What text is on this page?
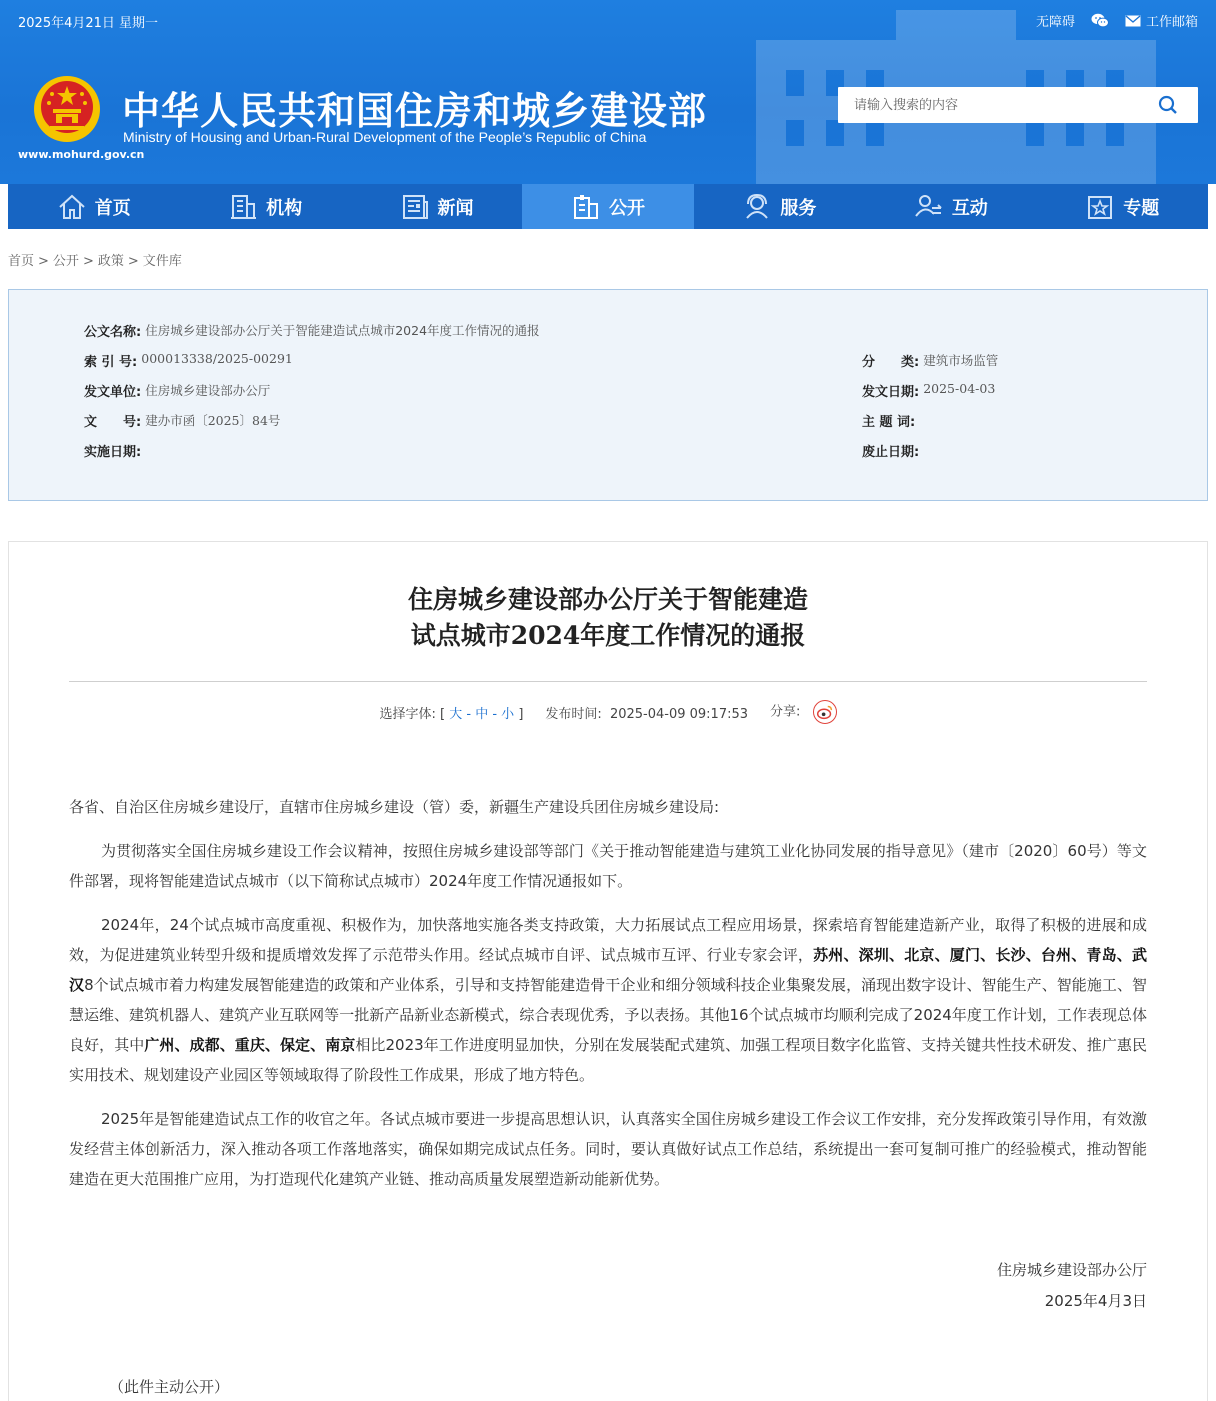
2025年4月21日 星期一	无障碍	工作邮箱
www.mohurd.gov.cn
中华人民共和国住房和城乡建设部
Ministry of Housing and Urban-Rural Development of the People’s Republic of China
请输入搜索的内容
首页	机构	新闻	公开	服务	互动	专题
首页 > 公开 > 政策 > 文件库
公文名称: 住房城乡建设部办公厅关于智能建造试点城市2024年度工作情况的通报
索 引 号: 000013338/2025-00291	分　　类: 建筑市场监管
发文单位: 住房城乡建设部办公厅	发文日期: 2025-04-03
文　　号: 建办市函〔2025〕84号	主 题 词:
实施日期:	废止日期:
住房城乡建设部办公厅关于智能建造
试点城市2024年度工作情况的通报
选择字体: [ 大 - 中 - 小 ] 发布时间: 2025-04-09 09:17:53 分享:

各省、自治区住房城乡建设厅，直辖市住房城乡建设（管）委，新疆生产建设兵团住房城乡建设局:

为贯彻落实全国住房城乡建设工作会议精神，按照住房城乡建设部等部门《关于推动智能建造与建筑工业化协同发展的指导意见》（建市〔2020〕60号）等文件部署，现将智能建造试点城市（以下简称试点城市）2024年度工作情况通报如下。

2024年，24个试点城市高度重视、积极作为，加快落地实施各类支持政策，大力拓展试点工程应用场景，探索培育智能建造新产业，取得了积极的进展和成效，为促进建筑业转型升级和提质增效发挥了示范带头作用。经试点城市自评、试点城市互评、行业专家会评，苏州、深圳、北京、厦门、长沙、台州、青岛、武汉8个试点城市着力构建发展智能建造的政策和产业体系，引导和支持智能建造骨干企业和细分领域科技企业集聚发展，涌现出数字设计、智能生产、智能施工、智慧运维、建筑机器人、建筑产业互联网等一批新产品新业态新模式，综合表现优秀，予以表扬。其他16个试点城市均顺利完成了2024年度工作计划，工作表现总体良好，其中广州、成都、重庆、保定、南京相比2023年工作进度明显加快，分别在发展装配式建筑、加强工程项目数字化监管、支持关键共性技术研发、推广惠民实用技术、规划建设产业园区等领域取得了阶段性工作成果，形成了地方特色。

2025年是智能建造试点工作的收官之年。各试点城市要进一步提高思想认识，认真落实全国住房城乡建设工作会议工作安排，充分发挥政策引导作用，有效激发经营主体创新活力，深入推动各项工作落地落实，确保如期完成试点任务。同时，要认真做好试点工作总结，系统提出一套可复制可推广的经验模式，推动智能建造在更大范围推广应用，为打造现代化建筑产业链、推动高质量发展塑造新动能新优势。

住房城乡建设部办公厅
2025年4月3日
（此件主动公开）
